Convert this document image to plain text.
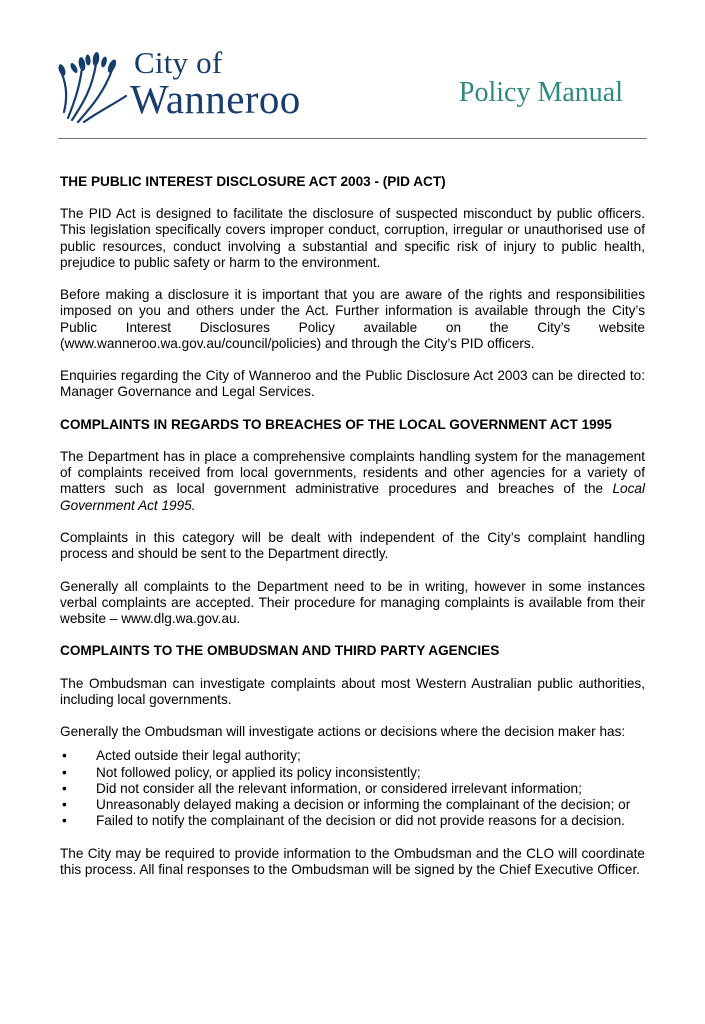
City of
Wanneroo	Policy Manual
THE PUBLIC INTEREST DISCLOSURE ACT 2003 - (PID ACT)

The PID Act is designed to facilitate the disclosure of suspected misconduct by public officers. This legislation specifically covers improper conduct, corruption, irregular or unauthorised use of public resources, conduct involving a substantial and specific risk of injury to public health, prejudice to public safety or harm to the environment.

Before making a disclosure it is important that you are aware of the rights and responsibilities imposed on you and others under the Act. Further information is available through the City’s Public Interest Disclosures Policy available on the City’s website (www.wanneroo.wa.gov.au/council/policies) and through the City’s PID officers.

Enquiries regarding the City of Wanneroo and the Public Disclosure Act 2003 can be directed to: Manager Governance and Legal Services.

COMPLAINTS IN REGARDS TO BREACHES OF THE LOCAL GOVERNMENT ACT 1995

The Department has in place a comprehensive complaints handling system for the management of complaints received from local governments, residents and other agencies for a variety of matters such as local government administrative procedures and breaches of the Local Government Act 1995.

Complaints in this category will be dealt with independent of the City’s complaint handling process and should be sent to the Department directly.

Generally all complaints to the Department need to be in writing, however in some instances verbal complaints are accepted. Their procedure for managing complaints is available from their website – www.dlg.wa.gov.au.

COMPLAINTS TO THE OMBUDSMAN AND THIRD PARTY AGENCIES

The Ombudsman can investigate complaints about most Western Australian public authorities, including local governments.

Generally the Ombudsman will investigate actions or decisions where the decision maker has:

• Acted outside their legal authority;
• Not followed policy, or applied its policy inconsistently;
• Did not consider all the relevant information, or considered irrelevant information;
• Unreasonably delayed making a decision or informing the complainant of the decision; or
• Failed to notify the complainant of the decision or did not provide reasons for a decision.

The City may be required to provide information to the Ombudsman and the CLO will coordinate this process. All final responses to the Ombudsman will be signed by the Chief Executive Officer.
